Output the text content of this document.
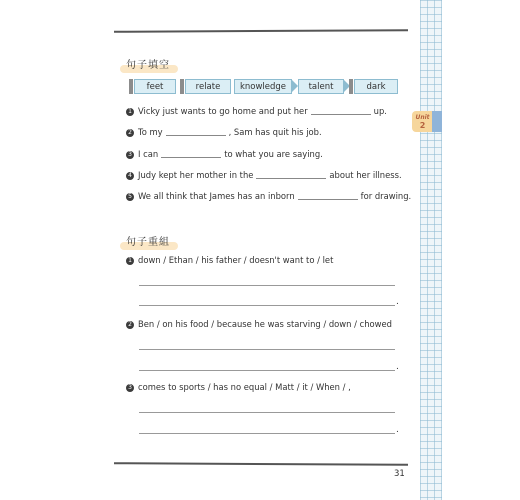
Unit
2
句子填空
feet	relate	knowledge	talent	dark
1 Vicky just wants to go home and put her	up.
2 To my	, Sam has quit his job.
3 I can	to what you are saying.
4 Judy kept her mother in the	about her illness.
5 We all think that James has an inborn	for drawing.
句子重組
1 down / Ethan / his father / doesn't want to / let
.
2 Ben / on his food / because he was starving / down / chowed
.
3 comes to sports / has no equal / Matt / it / When / ,
.
31
